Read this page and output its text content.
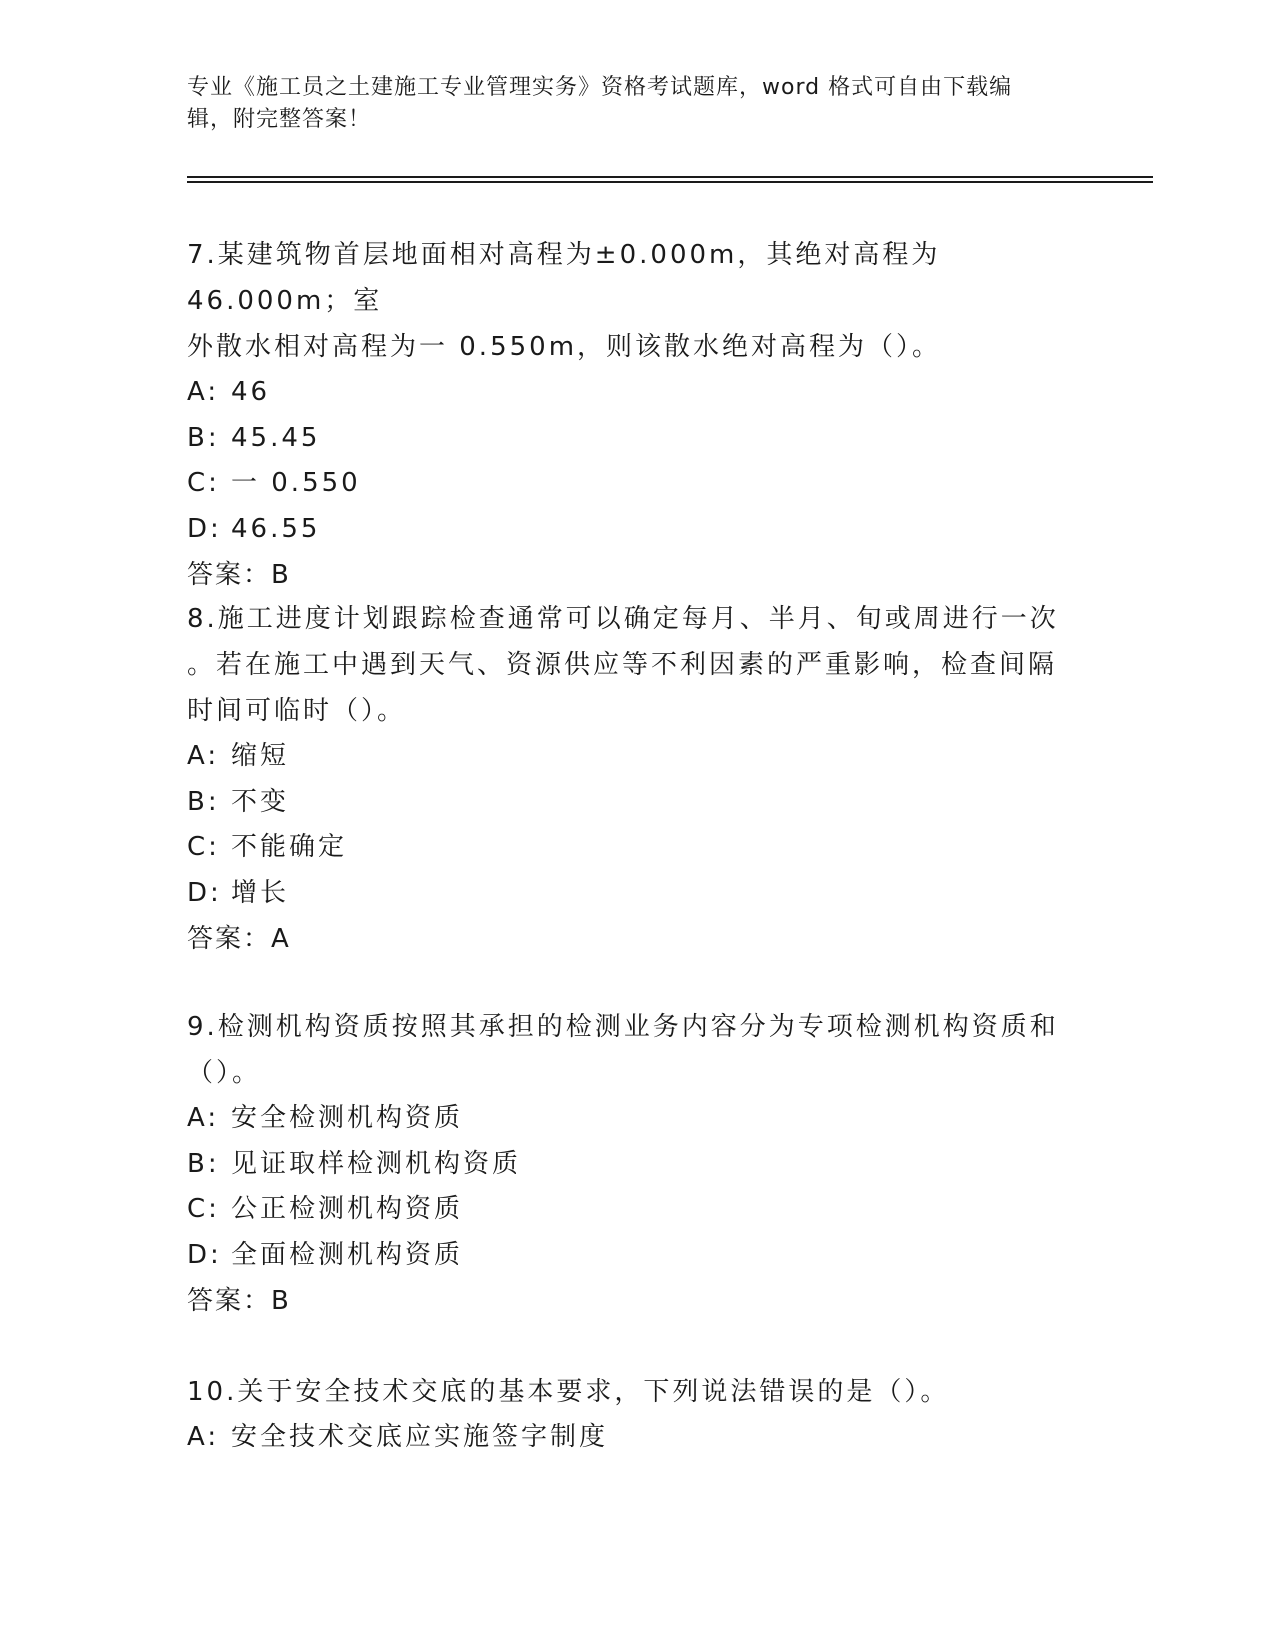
专业《施工员之土建施工专业管理实务》资格考试题库，word 格式可自由下载编
辑，附完整答案！

7.某建筑物首层地面相对高程为±0.000m，其绝对高程为 46.000m；室
外散水相对高程为一 0.550m，则该散水绝对高程为（）。

A: 46

B: 45.45

C: 一 0.550

D: 46.55

答案：B

8.施工进度计划跟踪检查通常可以确定每月、半月、旬或周进行一次
。若在施工中遇到天气、资源供应等不利因素的严重影响，检查间隔
时间可临时（）。

A: 缩短

B: 不变

C: 不能确定

D: 增长

答案：A

9.检测机构资质按照其承担的检测业务内容分为专项检测机构资质和
（）。

A: 安全检测机构资质

B: 见证取样检测机构资质

C: 公正检测机构资质

D: 全面检测机构资质

答案：B

10.关于安全技术交底的基本要求，下列说法错误的是（）。

A: 安全技术交底应实施签字制度
